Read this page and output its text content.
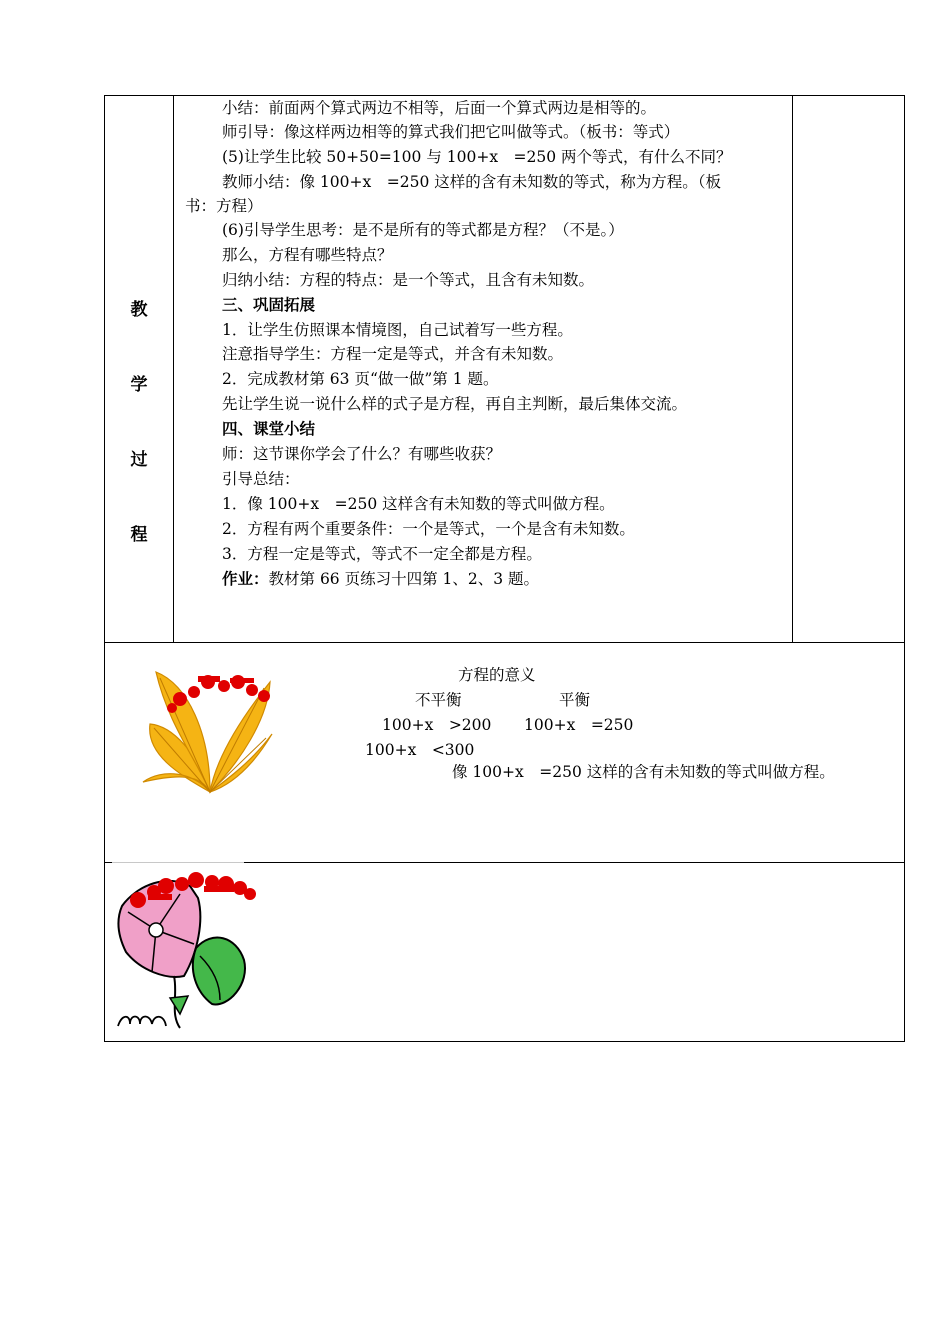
教
学
过
程
小结：前面两个算式两边不相等，后面一个算式两边是相等的。
师引导：像这样两边相等的算式我们把它叫做等式。（板书：等式）
(5)让学生比较 50+50=100 与 100+x　=250 两个等式，有什么不同？
教师小结：像 100+x　=250 这样的含有未知数的等式，称为方程。（板
书：方程）
(6)引导学生思考：是不是所有的等式都是方程？（不是。）
那么，方程有哪些特点？
归纳小结：方程的特点：是一个等式，且含有未知数。
三、巩固拓展
1．让学生仿照课本情境图，自己试着写一些方程。
注意指导学生：方程一定是等式，并含有未知数。
2．完成教材第 63 页“做一做”第 1 题。
先让学生说一说什么样的式子是方程，再自主判断，最后集体交流。
四、课堂小结
师：这节课你学会了什么？有哪些收获？
引导总结：
1．像 100+x　=250 这样含有未知数的等式叫做方程。
2．方程有两个重要条件：一个是等式，一个是含有未知数。
3．方程一定是等式，等式不一定全都是方程。
作业：教材第 66 页练习十四第 1、2、3 题。
方程的意义
不平衡	平衡
100+x　>200 100+x　=250
100+x　<300
像 100+x　=250 这样的含有未知数的等式叫做方程。
